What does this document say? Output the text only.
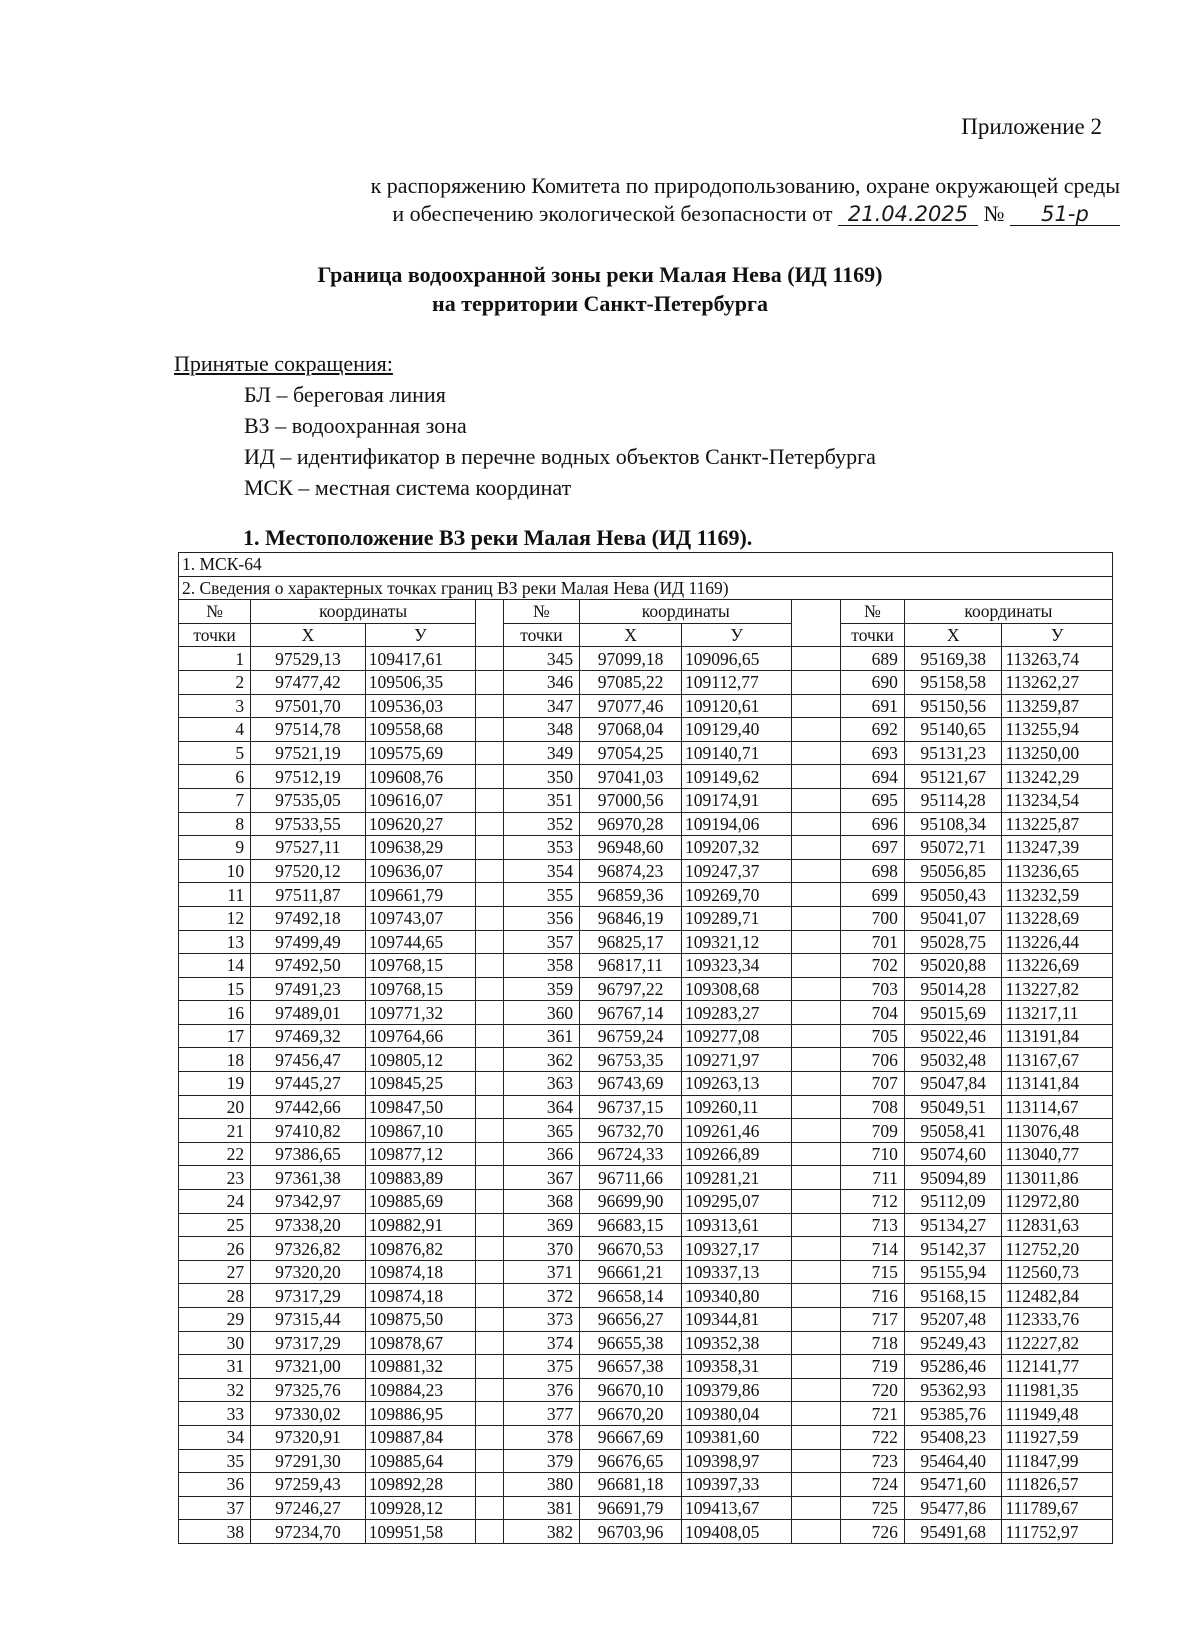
Приложение 2
к распоряжению Комитета по природопользованию, охране окружающей среды
и обеспечению экологической безопасности от 21.04.2025 № 51-р
Граница водоохранной зоны реки Малая Нева (ИД 1169)
на территории Санкт-Петербурга
Принятые сокращения:
БЛ – береговая линия
ВЗ – водоохранная зона
ИД – идентификатор в перечне водных объектов Санкт-Петербурга
МСК – местная система координат
1. Местоположение ВЗ реки Малая Нева (ИД 1169).
1. МСК-64										
2. Сведения о характерных точках границ ВЗ реки Малая Нева (ИД 1169)										
№	координаты			№	координаты			№	координаты	
точки	Х	У		точки	Х	У		точки	Х	У
1	97529,13	109417,61		345	97099,18	109096,65		689	95169,38	113263,74
2	97477,42	109506,35		346	97085,22	109112,77		690	95158,58	113262,27
3	97501,70	109536,03		347	97077,46	109120,61		691	95150,56	113259,87
4	97514,78	109558,68		348	97068,04	109129,40		692	95140,65	113255,94
5	97521,19	109575,69		349	97054,25	109140,71		693	95131,23	113250,00
6	97512,19	109608,76		350	97041,03	109149,62		694	95121,67	113242,29
7	97535,05	109616,07		351	97000,56	109174,91		695	95114,28	113234,54
8	97533,55	109620,27		352	96970,28	109194,06		696	95108,34	113225,87
9	97527,11	109638,29		353	96948,60	109207,32		697	95072,71	113247,39
10	97520,12	109636,07		354	96874,23	109247,37		698	95056,85	113236,65
11	97511,87	109661,79		355	96859,36	109269,70		699	95050,43	113232,59
12	97492,18	109743,07		356	96846,19	109289,71		700	95041,07	113228,69
13	97499,49	109744,65		357	96825,17	109321,12		701	95028,75	113226,44
14	97492,50	109768,15		358	96817,11	109323,34		702	95020,88	113226,69
15	97491,23	109768,15		359	96797,22	109308,68		703	95014,28	113227,82
16	97489,01	109771,32		360	96767,14	109283,27		704	95015,69	113217,11
17	97469,32	109764,66		361	96759,24	109277,08		705	95022,46	113191,84
18	97456,47	109805,12		362	96753,35	109271,97		706	95032,48	113167,67
19	97445,27	109845,25		363	96743,69	109263,13		707	95047,84	113141,84
20	97442,66	109847,50		364	96737,15	109260,11		708	95049,51	113114,67
21	97410,82	109867,10		365	96732,70	109261,46		709	95058,41	113076,48
22	97386,65	109877,12		366	96724,33	109266,89		710	95074,60	113040,77
23	97361,38	109883,89		367	96711,66	109281,21		711	95094,89	113011,86
24	97342,97	109885,69		368	96699,90	109295,07		712	95112,09	112972,80
25	97338,20	109882,91		369	96683,15	109313,61		713	95134,27	112831,63
26	97326,82	109876,82		370	96670,53	109327,17		714	95142,37	112752,20
27	97320,20	109874,18		371	96661,21	109337,13		715	95155,94	112560,73
28	97317,29	109874,18		372	96658,14	109340,80		716	95168,15	112482,84
29	97315,44	109875,50		373	96656,27	109344,81		717	95207,48	112333,76
30	97317,29	109878,67		374	96655,38	109352,38		718	95249,43	112227,82
31	97321,00	109881,32		375	96657,38	109358,31		719	95286,46	112141,77
32	97325,76	109884,23		376	96670,10	109379,86		720	95362,93	111981,35
33	97330,02	109886,95		377	96670,20	109380,04		721	95385,76	111949,48
34	97320,91	109887,84		378	96667,69	109381,60		722	95408,23	111927,59
35	97291,30	109885,64		379	96676,65	109398,97		723	95464,40	111847,99
36	97259,43	109892,28		380	96681,18	109397,33		724	95471,60	111826,57
37	97246,27	109928,12		381	96691,79	109413,67		725	95477,86	111789,67
38	97234,70	109951,58		382	96703,96	109408,05		726	95491,68	111752,97
